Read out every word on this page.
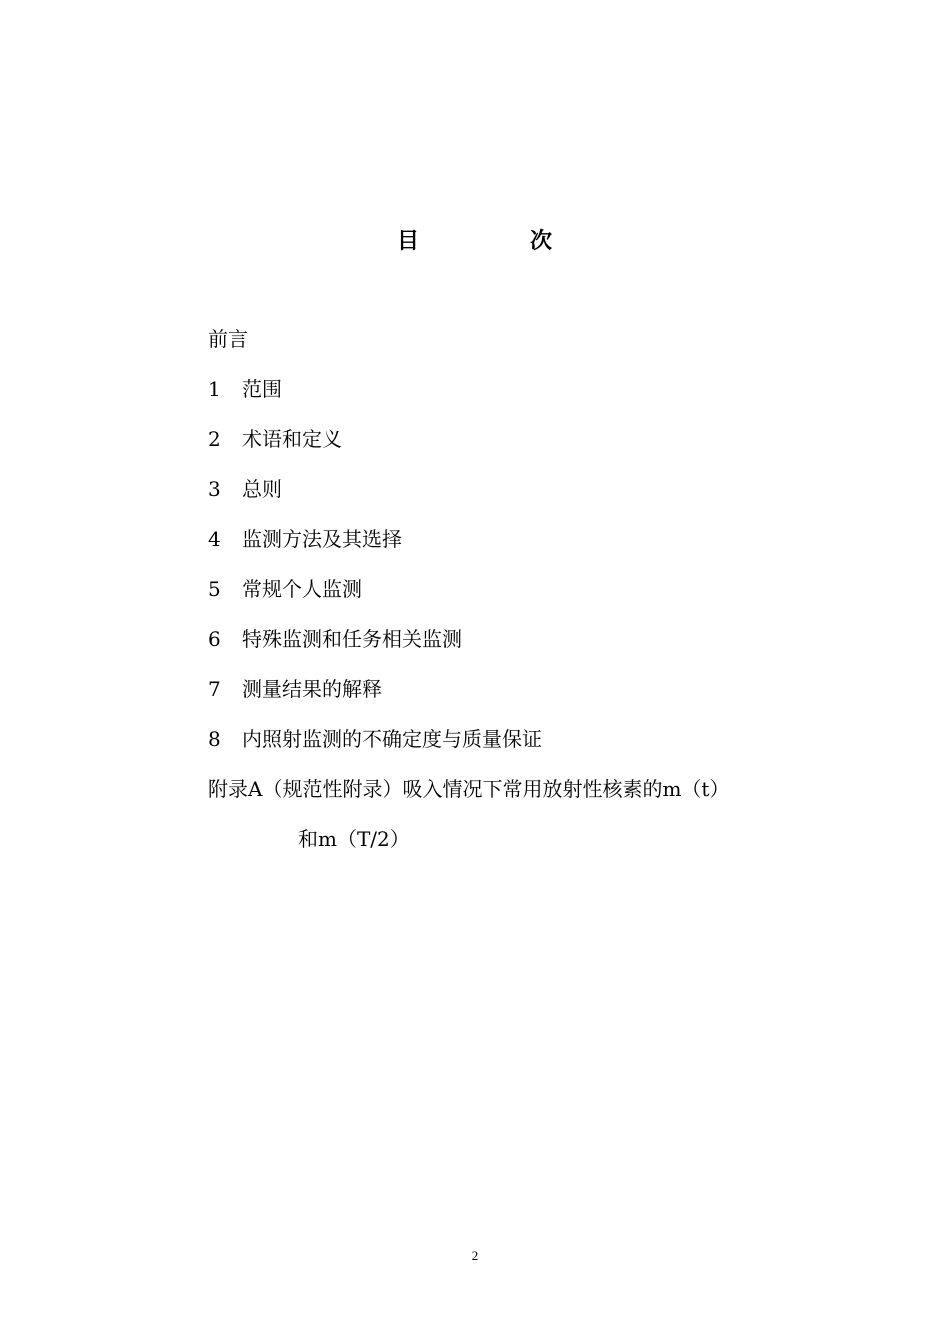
目	次
前言
1 范围
2 术语和定义
3 总则
4 监测方法及其选择
5 常规个人监测
6 特殊监测和任务相关监测
7 测量结果的解释
8 内照射监测的不确定度与质量保证
附录A（规范性附录）吸入情况下常用放射性核素的m（t）
和m（T/2）
2
